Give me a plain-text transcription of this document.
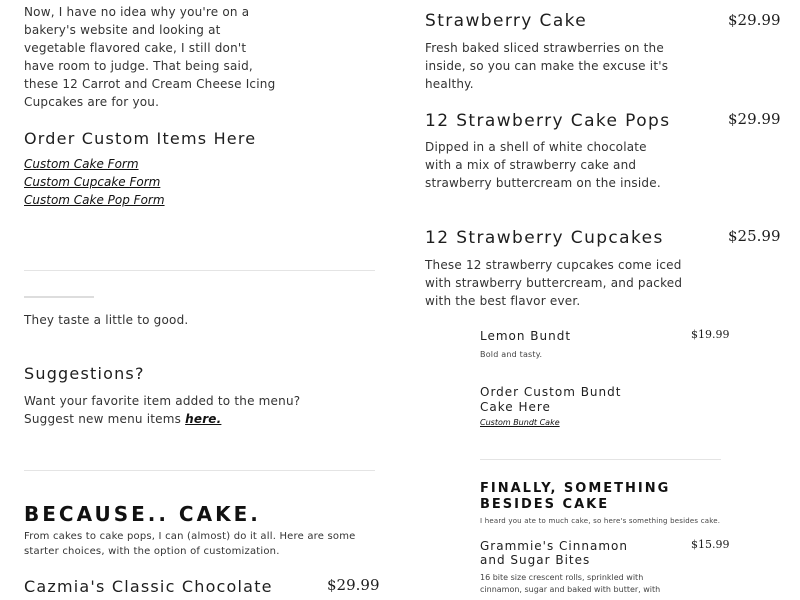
Now, I have no idea why you're on a bakery's website and looking at vegetable flavored cake, I still don't have room to judge. That being said, these 12 Carrot and Cream Cheese Icing Cupcakes are for you.

Order Custom Items Here
Custom Cake Form
Custom Cupcake Form
Custom Cake Pop Form

They taste a little to good.

Suggestions?
Want your favorite item added to the menu?
Suggest new menu items here.
BECAUSE.. CAKE.

From cakes to cake pops, I can (almost) do it all. Here are some starter choices, with the option of customization.

Cazmia's Classic Chocolate	$29.99
Strawberry Cake	$29.99

Fresh baked sliced strawberries on the inside, so you can make the excuse it's healthy.

12 Strawberry Cake Pops	$29.99

Dipped in a shell of white chocolate with a mix of strawberry cake and strawberry buttercream on the inside.

12 Strawberry Cupcakes	$25.99

These 12 strawberry cupcakes come iced with strawberry buttercream, and packed with the best flavor ever.

Lemon Bundt	$19.99
Bold and tasty.
Order Custom Bundt Cake Here
Custom Bundt Cake
FINALLY, SOMETHING BESIDES CAKE
I heard you ate to much cake, so here's something besides cake.
Grammie's Cinnamon and Sugar Bites
$15.99

16 bite size crescent rolls, sprinkled with cinnamon, sugar and baked with butter, with
